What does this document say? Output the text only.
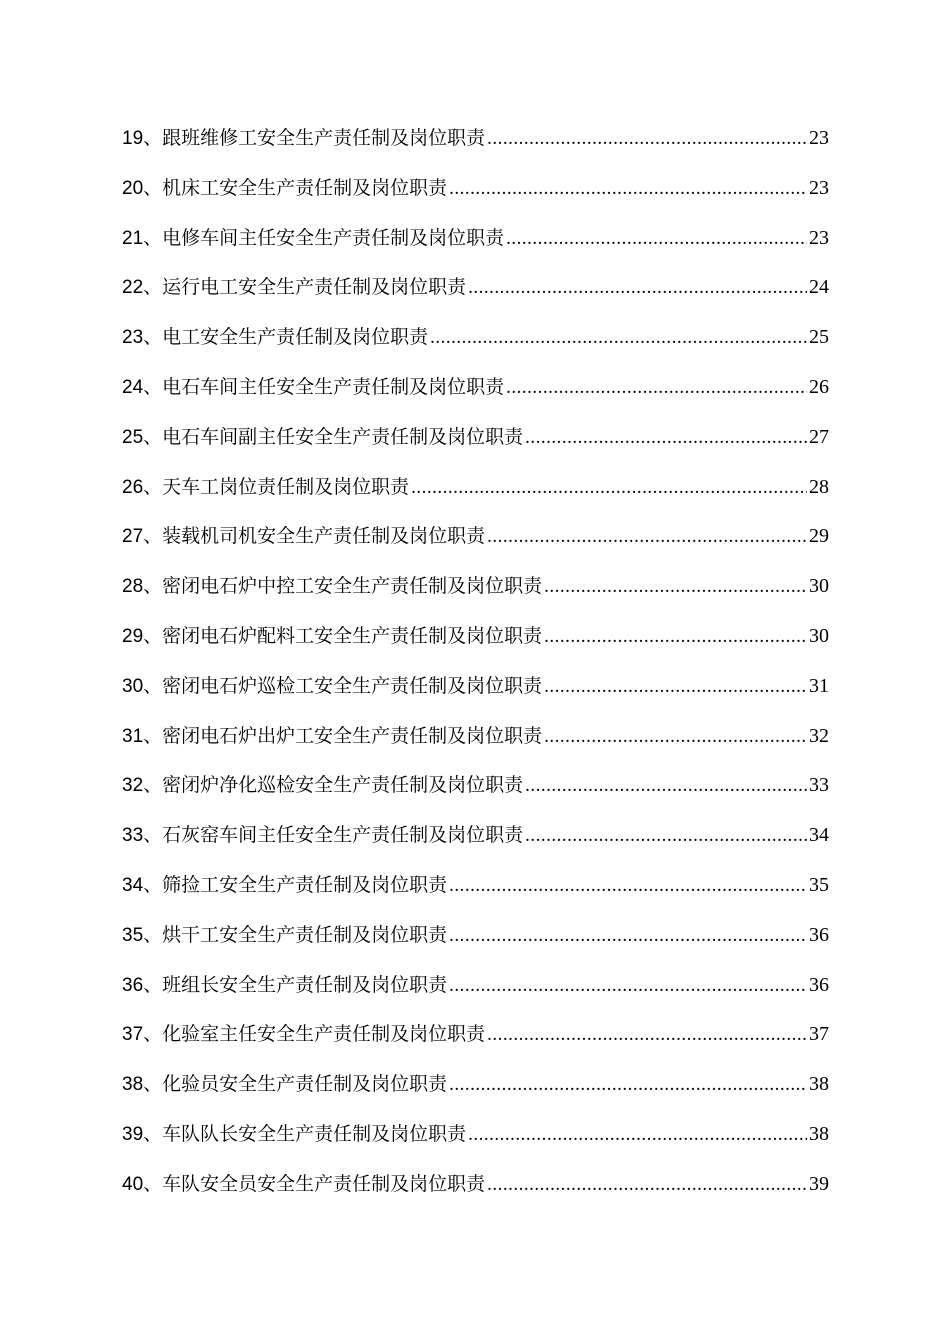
19、 跟班维修工安全生产责任制及岗位职责 .....	23
20、 机床工安全生产责任制及岗位职责 .....	23
21、 电修车间主任安全生产责任制及岗位职责 .....	23
22、 运行电工安全生产责任制及岗位职责 .....	24
23、 电工安全生产责任制及岗位职责 .....	25
24、 电石车间主任安全生产责任制及岗位职责 .....	26
25、 电石车间副主任安全生产责任制及岗位职责 .....	27
26、 天车工岗位责任制及岗位职责 .....	28
27、 装载机司机安全生产责任制及岗位职责 .....	29
28、 密闭电石炉中控工安全生产责任制及岗位职责 .....	30
29、 密闭电石炉配料工安全生产责任制及岗位职责 .....	30
30、 密闭电石炉巡检工安全生产责任制及岗位职责 .....	31
31、 密闭电石炉出炉工安全生产责任制及岗位职责 .....	32
32、 密闭炉净化巡检安全生产责任制及岗位职责 .....	33
33、 石灰窑车间主任安全生产责任制及岗位职责 .....	34
34、 筛捡工安全生产责任制及岗位职责 .....	35
35、 烘干工安全生产责任制及岗位职责 .....	36
36、 班组长安全生产责任制及岗位职责 .....	36
37、 化验室主任安全生产责任制及岗位职责 .....	37
38、 化验员安全生产责任制及岗位职责 .....	38
39、 车队队长安全生产责任制及岗位职责 .....	38
40、 车队安全员安全生产责任制及岗位职责 .....	39
